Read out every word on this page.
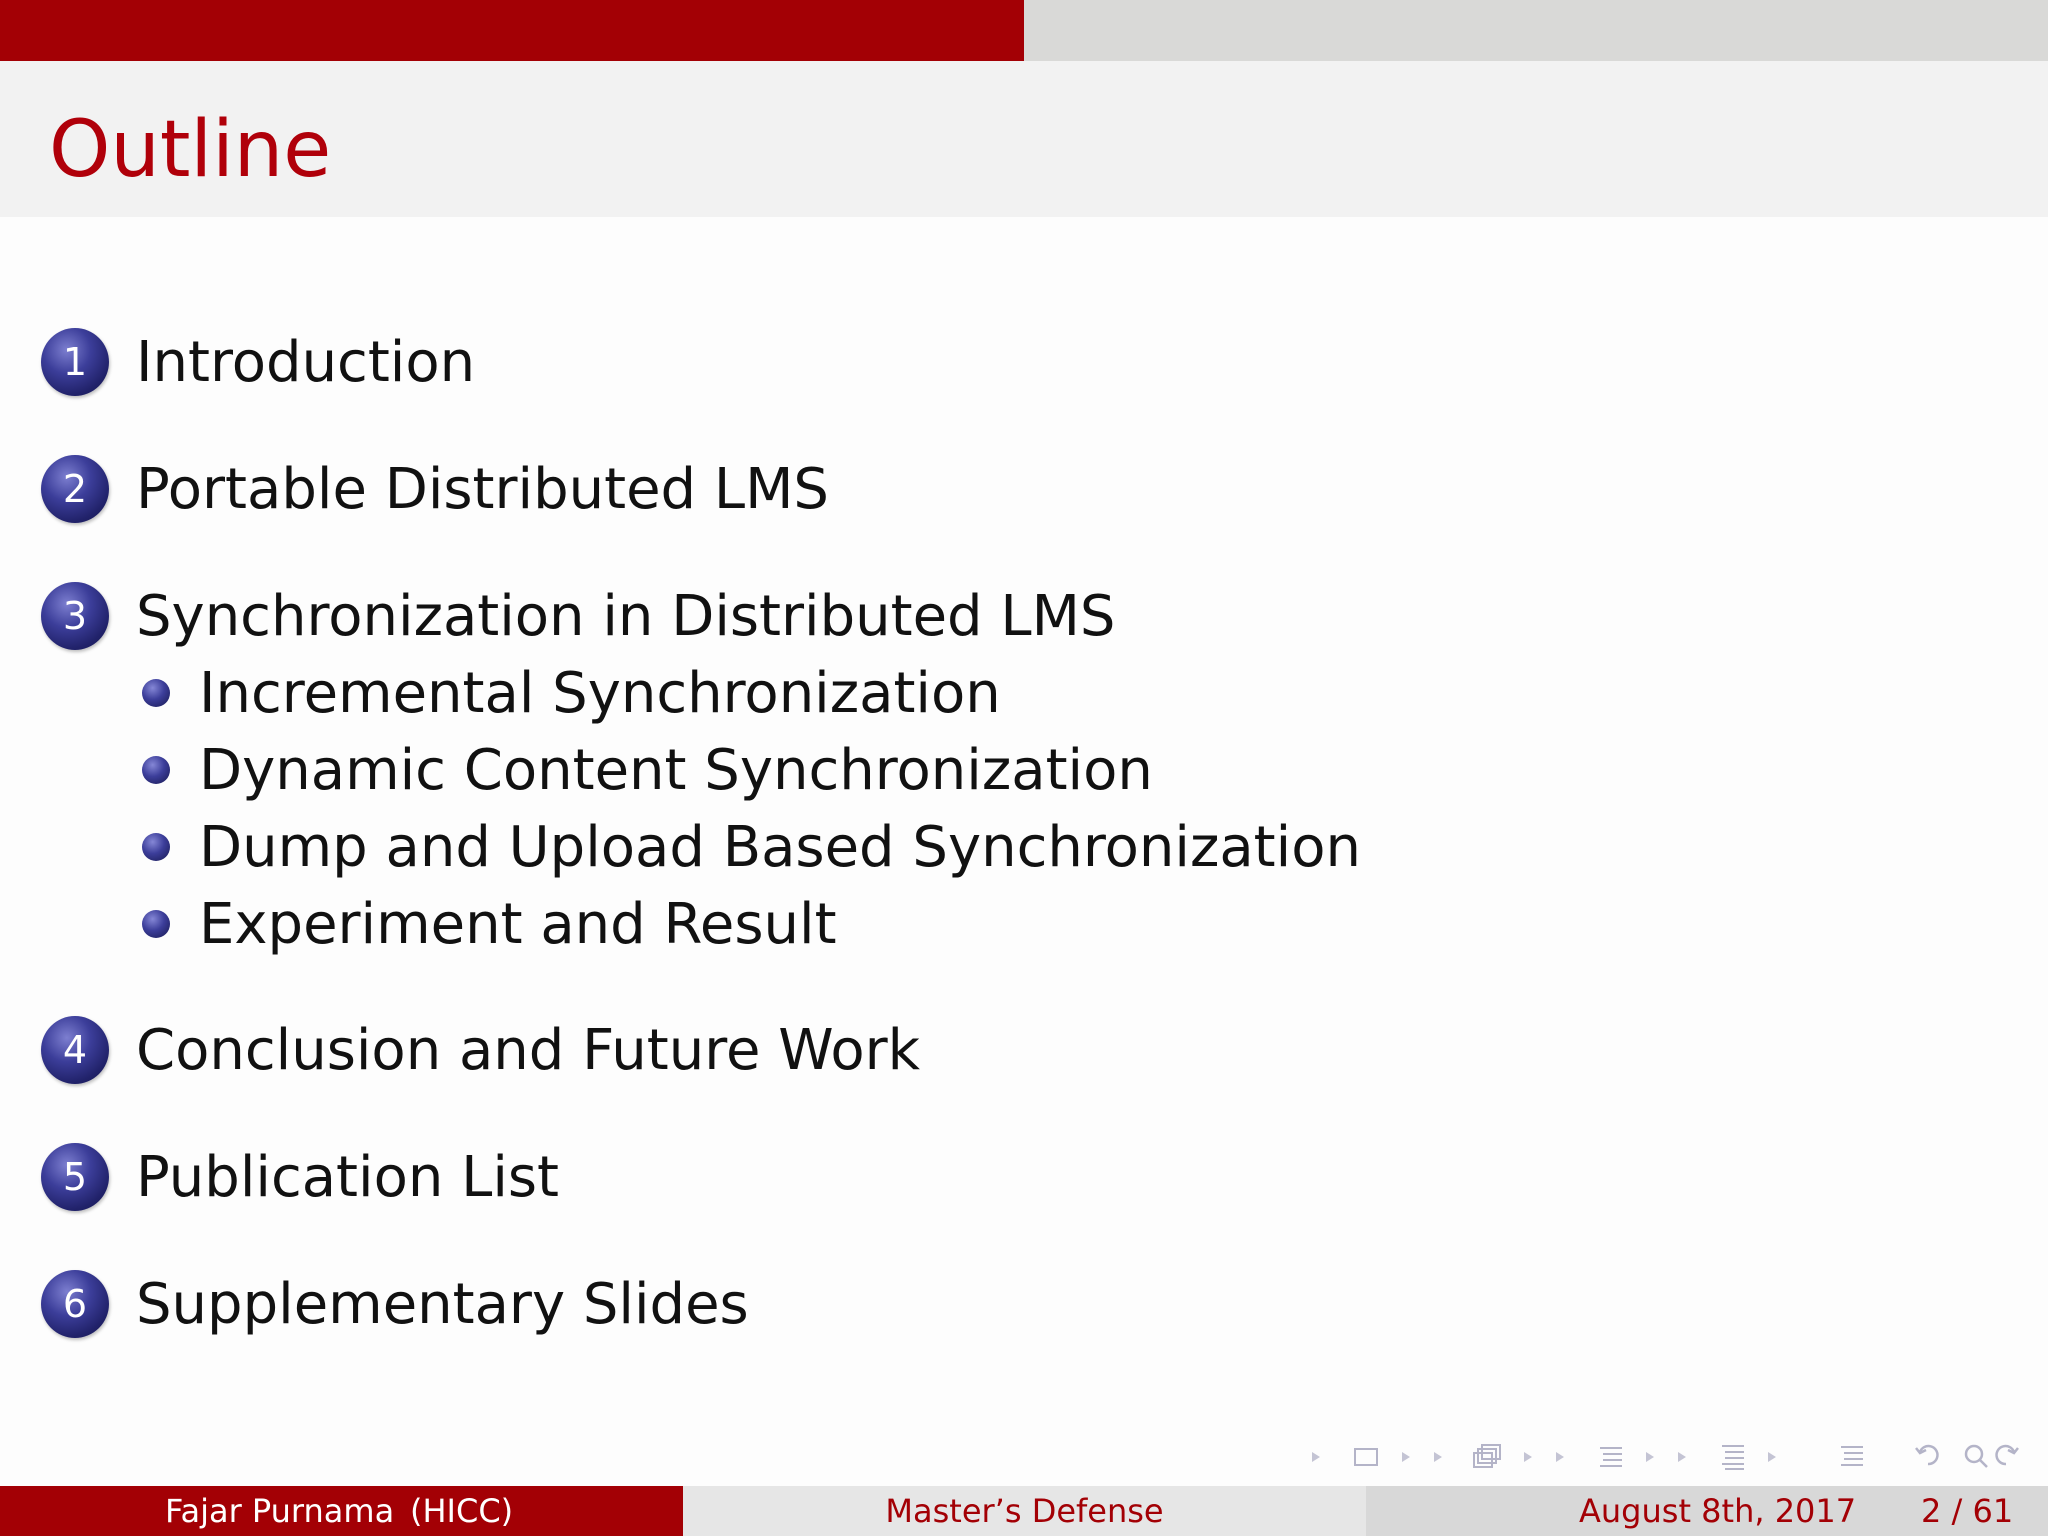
Outline
1 Introduction
2 Portable Distributed LMS
3 Synchronization in Distributed LMS
Incremental Synchronization
Dynamic Content Synchronization
Dump and Upload Based Synchronization
Experiment and Result
4 Conclusion and Future Work
5 Publication List
6 Supplementary Slides
Fajar Purnama (HICC)	Master’s Defense	August 8th, 2017 2 / 61
